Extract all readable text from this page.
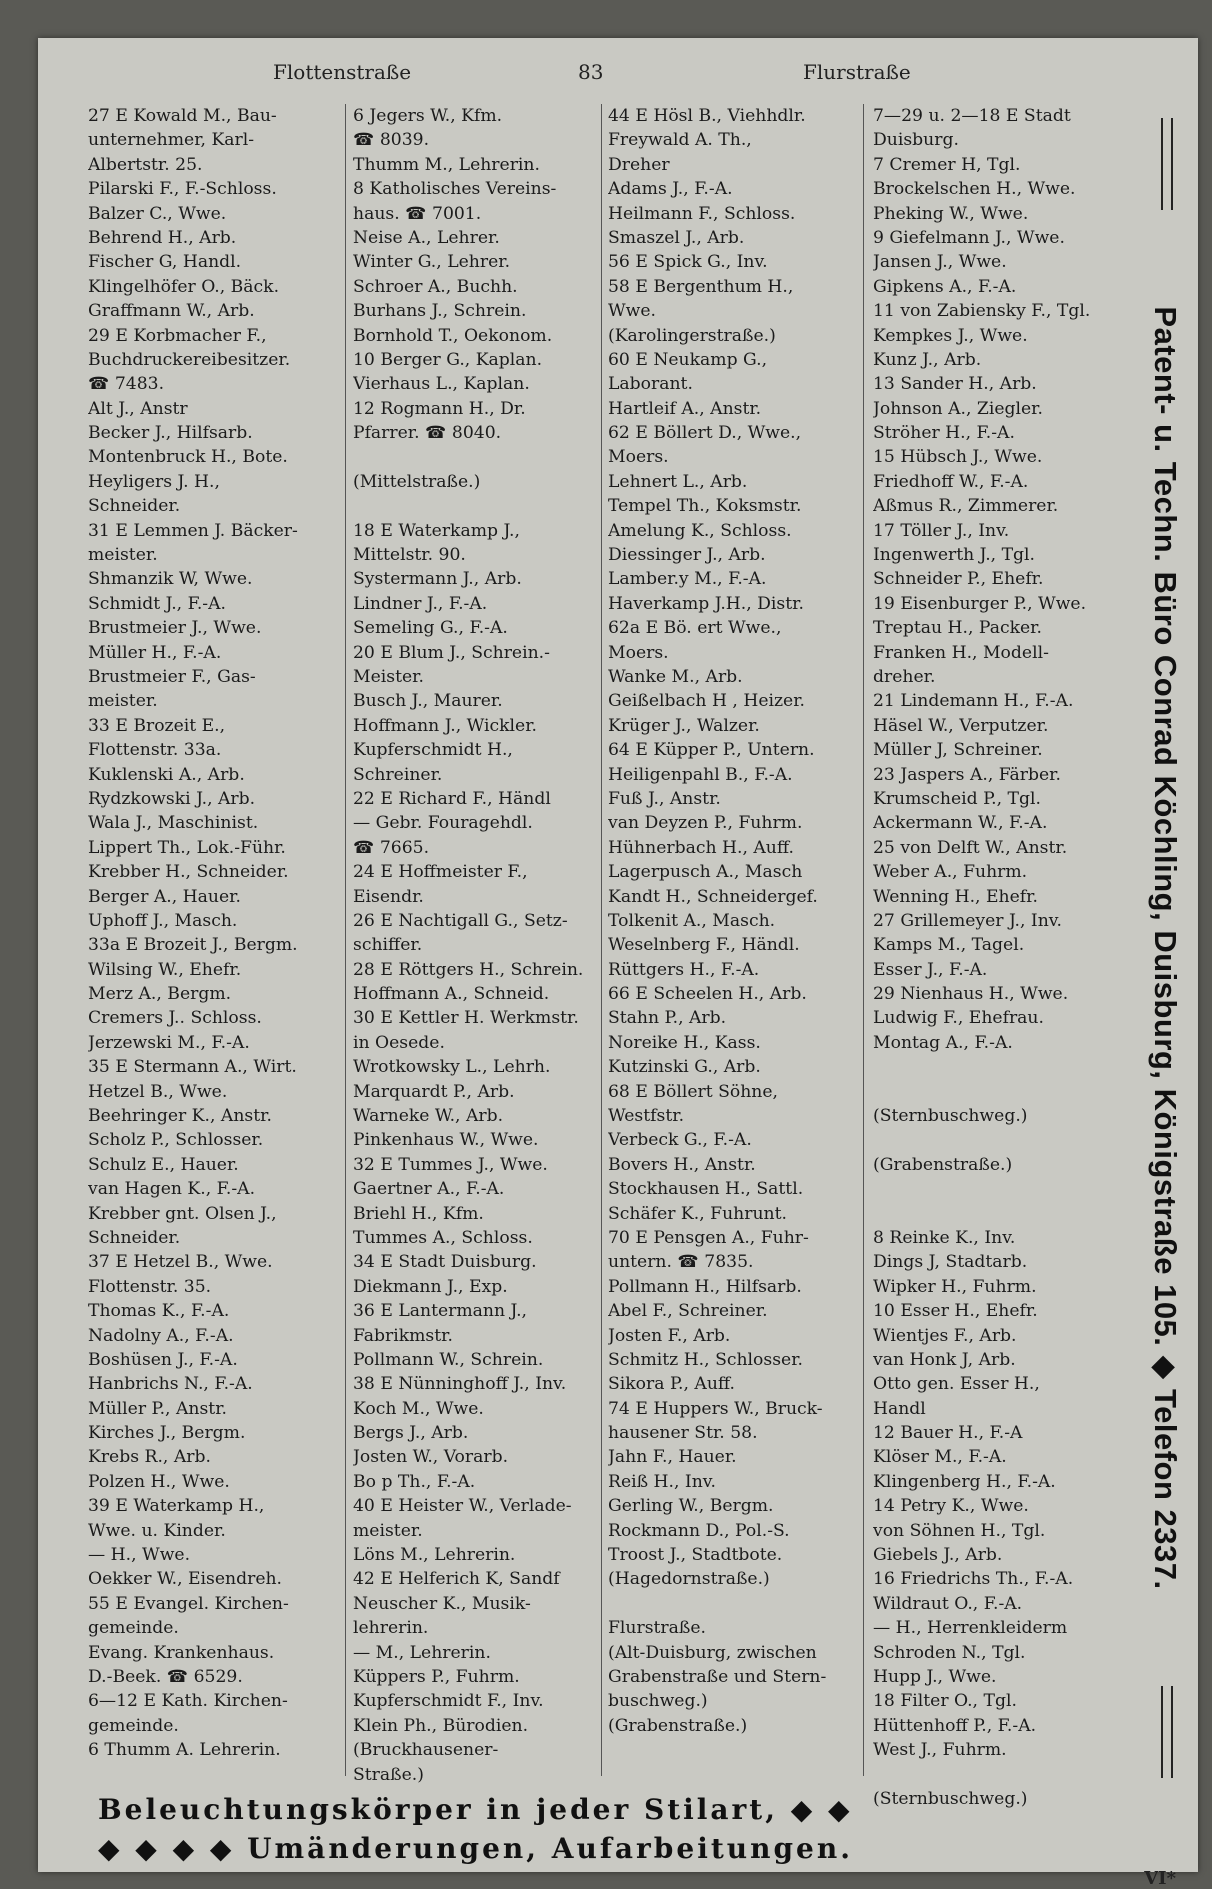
Flottenstraße	83	Flurstraße
27 E Kowald M., Bau-
unternehmer, Karl-
Albertstr. 25.
Pilarski F., F.-Schloss.
Balzer C., Wwe.
Behrend H., Arb.
Fischer G, Handl.
Klingelhöfer O., Bäck.
Graffmann W., Arb.
29 E Korbmacher F.,
Buchdruckereibesitzer.
☎ 7483.
Alt J., Anstr
Becker J., Hilfsarb.
Montenbruck H., Bote.
Heyligers J. H.,
Schneider.
31 E Lemmen J. Bäcker-
meister.
Shmanzik W, Wwe.
Schmidt J., F.-A.
Brustmeier J., Wwe.
Müller H., F.-A.
Brustmeier F., Gas-
meister.
33 E Brozeit E.,
Flottenstr. 33a.
Kuklenski A., Arb.
Rydzkowski J., Arb.
Wala J., Maschinist.
Lippert Th., Lok.-Führ.
Krebber H., Schneider.
Berger A., Hauer.
Uphoff J., Masch.
33a E Brozeit J., Bergm.
Wilsing W., Ehefr.
Merz A., Bergm.
Cremers J.. Schloss.
Jerzewski M., F.-A.
35 E Stermann A., Wirt.
Hetzel B., Wwe.
Beehringer K., Anstr.
Scholz P., Schlosser.
Schulz E., Hauer.
van Hagen K., F.-A.
Krebber gnt. Olsen J.,
Schneider.
37 E Hetzel B., Wwe.
Flottenstr. 35.
Thomas K., F.-A.
Nadolny A., F.-A.
Boshüsen J., F.-A.
Hanbrichs N., F.-A.
Müller P., Anstr.
Kirches J., Bergm.
Krebs R., Arb.
Polzen H., Wwe.
39 E Waterkamp H.,
Wwe. u. Kinder.
— H., Wwe.
Oekker W., Eisendreh.
55 E Evangel. Kirchen-
gemeinde.
Evang. Krankenhaus.
D.-Beek. ☎ 6529.
6—12 E Kath. Kirchen-
gemeinde.
6 Thumm A. Lehrerin.
6 Jegers W., Kfm.
☎ 8039.
Thumm M., Lehrerin.
8 Katholisches Vereins-
haus. ☎ 7001.
Neise A., Lehrer.
Winter G., Lehrer.
Schroer A., Buchh.
Burhans J., Schrein.
Bornhold T., Oekonom.
10 Berger G., Kaplan.
Vierhaus L., Kaplan.
12 Rogmann H., Dr.
Pfarrer. ☎ 8040.
(Mittelstraße.)
18 E Waterkamp J.,
Mittelstr. 90.
Systermann J., Arb.
Lindner J., F.-A.
Semeling G., F.-A.
20 E Blum J., Schrein.-
Meister.
Busch J., Maurer.
Hoffmann J., Wickler.
Kupferschmidt H.,
Schreiner.
22 E Richard F., Händl
— Gebr. Fouragehdl.
☎ 7665.
24 E Hoffmeister F.,
Eisendr.
26 E Nachtigall G., Setz-
schiffer.
28 E Röttgers H., Schrein.
Hoffmann A., Schneid.
30 E Kettler H. Werkmstr.
in Oesede.
Wrotkowsky L., Lehrh.
Marquardt P., Arb.
Warneke W., Arb.
Pinkenhaus W., Wwe.
32 E Tummes J., Wwe.
Gaertner A., F.-A.
Briehl H., Kfm.
Tummes A., Schloss.
34 E Stadt Duisburg.
Diekmann J., Exp.
36 E Lantermann J.,
Fabrikmstr.
Pollmann W., Schrein.
38 E Nünninghoff J., Inv.
Koch M., Wwe.
Bergs J., Arb.
Josten W., Vorarb.
Bo p Th., F.-A.
40 E Heister W., Verlade-
meister.
Löns M., Lehrerin.
42 E Helferich K, Sandf
Neuscher K., Musik-
lehrerin.
— M., Lehrerin.
Küppers P., Fuhrm.
Kupferschmidt F., Inv.
Klein Ph., Bürodien.
(Bruckhausener-
Straße.)
44 E Hösl B., Viehhdlr.
Freywald A. Th.,
Dreher
Adams J., F.-A.
Heilmann F., Schloss.
Smaszel J., Arb.
56 E Spick G., Inv.
58 E Bergenthum H.,
Wwe.
(Karolingerstraße.)
60 E Neukamp G.,
Laborant.
Hartleif A., Anstr.
62 E Böllert D., Wwe.,
Moers.
Lehnert L., Arb.
Tempel Th., Koksmstr.
Amelung K., Schloss.
Diessinger J., Arb.
Lamber.y M., F.-A.
Haverkamp J.H., Distr.
62a E Bö. ert Wwe.,
Moers.
Wanke M., Arb.
Geißelbach H , Heizer.
Krüger J., Walzer.
64 E Küpper P., Untern.
Heiligenpahl B., F.-A.
Fuß J., Anstr.
van Deyzen P., Fuhrm.
Hühnerbach H., Auff.
Lagerpusch A., Masch
Kandt H., Schneidergef.
Tolkenit A., Masch.
Weselnberg F., Händl.
Rüttgers H., F.-A.
66 E Scheelen H., Arb.
Stahn P., Arb.
Noreike H., Kass.
Kutzinski G., Arb.
68 E Böllert Söhne,
Westfstr.
Verbeck G., F.-A.
Bovers H., Anstr.
Stockhausen H., Sattl.
Schäfer K., Fuhrunt.
70 E Pensgen A., Fuhr-
untern. ☎ 7835.
Pollmann H., Hilfsarb.
Abel F., Schreiner.
Josten F., Arb.
Schmitz H., Schlosser.
Sikora P., Auff.
74 E Huppers W., Bruck-
hausener Str. 58.
Jahn F., Hauer.
Reiß H., Inv.
Gerling W., Bergm.
Rockmann D., Pol.-S.
Troost J., Stadtbote.
(Hagedornstraße.)
Flurstraße.
(Alt-Duisburg, zwischen
Grabenstraße und Stern-
buschweg.)
(Grabenstraße.)
7—29 u. 2—18 E Stadt
Duisburg.
7 Cremer H, Tgl.
Brockelschen H., Wwe.
Pheking W., Wwe.
9 Giefelmann J., Wwe.
Jansen J., Wwe.
Gipkens A., F.-A.
11 von Zabiensky F., Tgl.
Kempkes J., Wwe.
Kunz J., Arb.
13 Sander H., Arb.
Johnson A., Ziegler.
Ströher H., F.-A.
15 Hübsch J., Wwe.
Friedhoff W., F.-A.
Aßmus R., Zimmerer.
17 Töller J., Inv.
Ingenwerth J., Tgl.
Schneider P., Ehefr.
19 Eisenburger P., Wwe.
Treptau H., Packer.
Franken H., Modell-
dreher.
21 Lindemann H., F.-A.
Häsel W., Verputzer.
Müller J, Schreiner.
23 Jaspers A., Färber.
Krumscheid P., Tgl.
Ackermann W., F.-A.
25 von Delft W., Anstr.
Weber A., Fuhrm.
Wenning H., Ehefr.
27 Grillemeyer J., Inv.
Kamps M., Tagel.
Esser J., F.-A.
29 Nienhaus H., Wwe.
Ludwig F., Ehefrau.
Montag A., F.-A.
(Sternbuschweg.)
(Grabenstraße.)
8 Reinke K., Inv.
Dings J, Stadtarb.
Wipker H., Fuhrm.
10 Esser H., Ehefr.
Wientjes F., Arb.
van Honk J, Arb.
Otto gen. Esser H.,
Handl
12 Bauer H., F.-A
Klöser M., F.-A.
Klingenberg H., F.-A.
14 Petry K., Wwe.
von Söhnen H., Tgl.
Giebels J., Arb.
16 Friedrichs Th., F.-A.
Wildraut O., F.-A.
— H., Herrenkleiderm
Schroden N., Tgl.
Hupp J., Wwe.
18 Filter O., Tgl.
Hüttenhoff P., F.-A.
West J., Fuhrm.
(Sternbuschweg.)
Patent- u. Techn. Büro Conrad Köchling, Duisburg, Königstraße 105. ◆ Telefon 2337.
Beleuchtungskörper in jeder Stilart, ◆ ◆
◆ ◆ ◆ ◆ Umänderungen, Aufarbeitungen.
VI*
